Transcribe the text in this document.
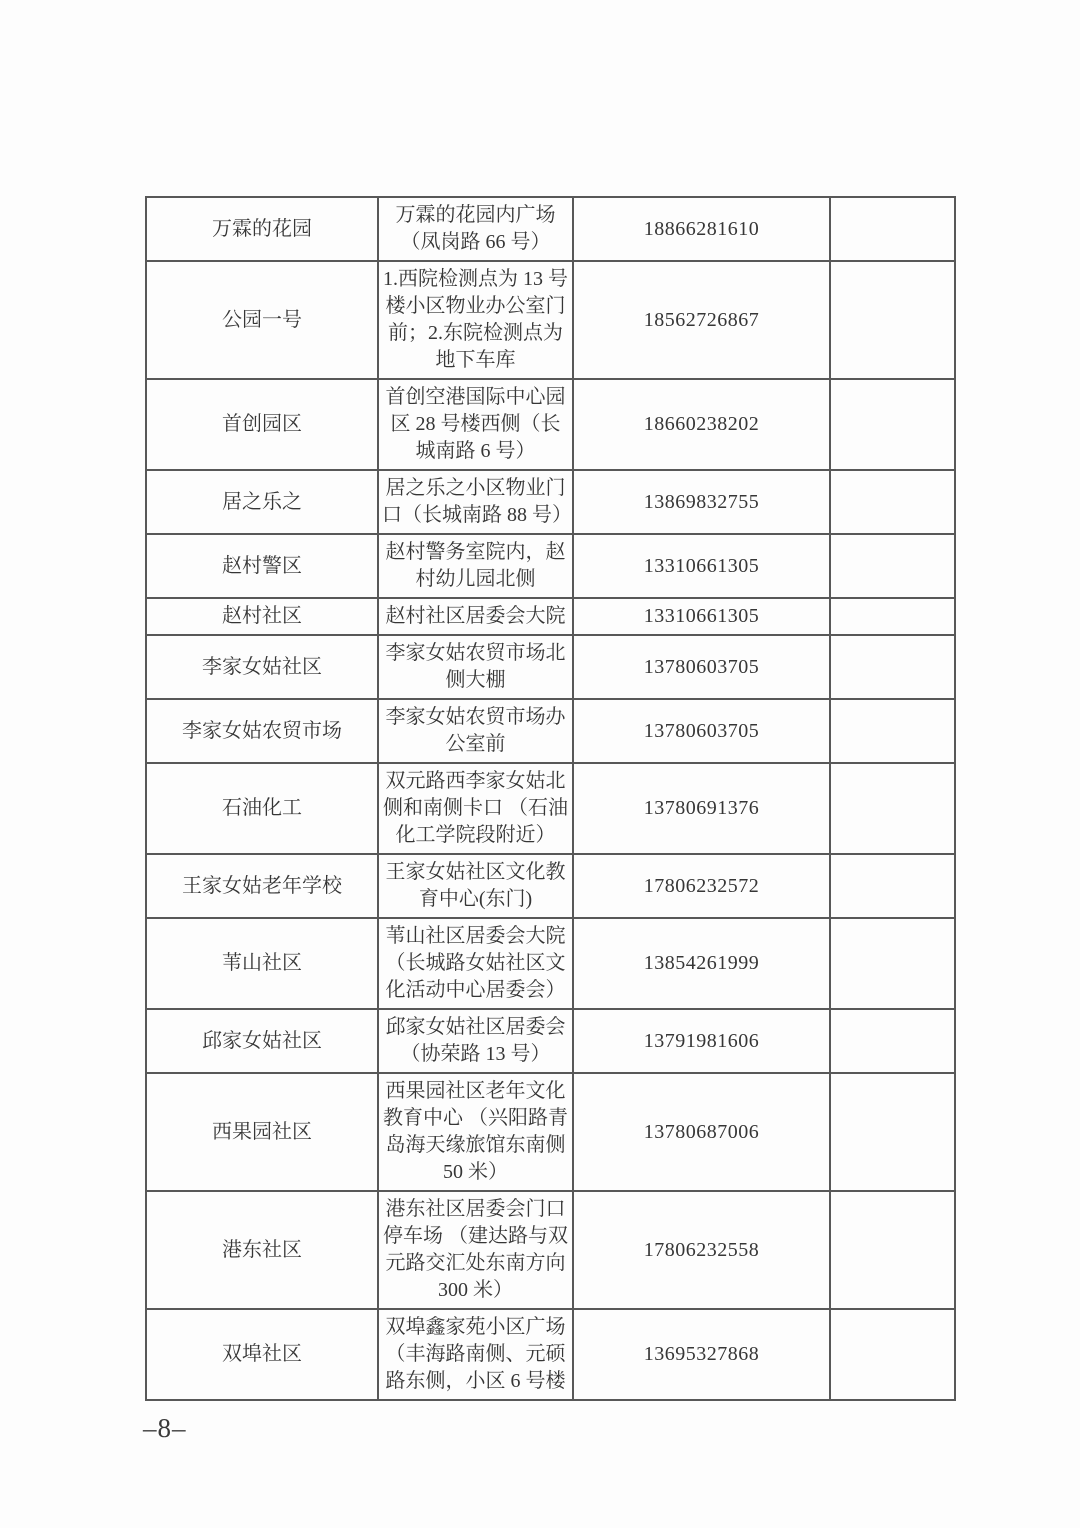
万霖的花园	万霖的花园内广场（凤岗路 66 号）	18866281610	
公园一号	1.西院检测点为 13 号楼小区物业办公室门前；2.东院检测点为地下车库	18562726867	
首创园区	首创空港国际中心园区 28 号楼西侧（长城南路 6 号）	18660238202	
居之乐之	居之乐之小区物业门口（长城南路 88 号）	13869832755	
赵村警区	赵村警务室院内，赵村幼儿园北侧	13310661305	
赵村社区	赵村社区居委会大院	13310661305	
李家女姑社区	李家女姑农贸市场北侧大棚	13780603705	
李家女姑农贸市场	李家女姑农贸市场办公室前	13780603705	
石油化工	双元路西李家女姑北侧和南侧卡口 （石油化工学院段附近）	13780691376	
王家女姑老年学校	王家女姑社区文化教育中心(东门)	17806232572	
苇山社区	苇山社区居委会大院（长城路女姑社区文化活动中心居委会）	13854261999	
邱家女姑社区	邱家女姑社区居委会（协荣路 13 号）	13791981606	
西果园社区	西果园社区老年文化教育中心 （兴阳路青岛海天缘旅馆东南侧 50 米）	13780687006	
港东社区	港东社区居委会门口停车场 （建达路与双元路交汇处东南方向 300 米）	17806232558	
双埠社区	双埠鑫家苑小区广场（丰海路南侧、元硕路东侧，小区 6 号楼	13695327868	
–8–
